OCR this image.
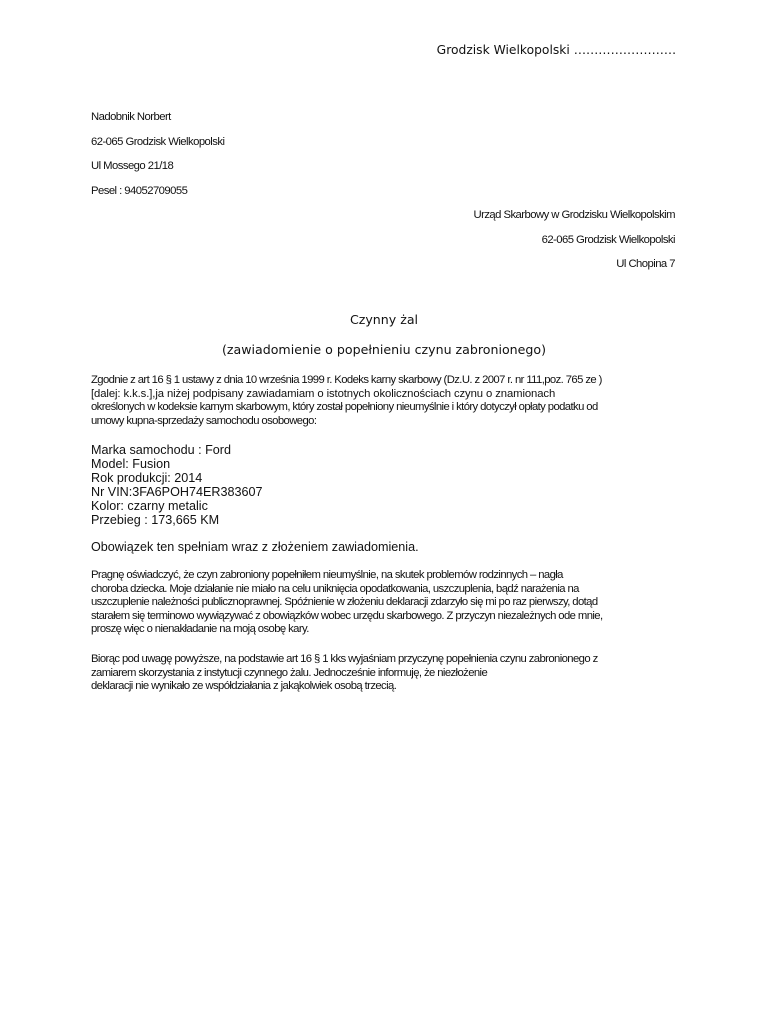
Grodzisk Wielkopolski …………………….
Nadobnik Norbert
62-065 Grodzisk Wielkopolski
Ul Mossego 21/18
Pesel : 94052709055
Urząd Skarbowy w Grodzisku Wielkopolskim
62-065 Grodzisk Wielkopolski
Ul Chopina 7
Czynny żal
(zawiadomienie o popełnieniu czynu zabronionego)
Zgodnie z art 16 § 1 ustawy z dnia 10 września 1999 r. Kodeks karny skarbowy (Dz.U. z 2007 r. nr 111,poz. 765 ze )
[dalej: k.k.s.],ja niżej podpisany zawiadamiam o istotnych okolicznościach czynu o znamionach
określonych w kodeksie karnym skarbowym, który został popełniony nieumyślnie i który dotyczył opłaty podatku od
umowy kupna-sprzedaży samochodu osobowego:
Marka samochodu : Ford
Model: Fusion
Rok produkcji: 2014
Nr VIN:3FA6POH74ER383607
Kolor: czarny metalic
Przebieg : 173,665 KM
Obowiązek ten spełniam wraz z złożeniem zawiadomienia.
Pragnę oświadczyć, że czyn zabroniony popełniłem nieumyślnie, na skutek problemów rodzinnych – nagła
choroba dziecka. Moje działanie nie miało na celu uniknięcia opodatkowania, uszczuplenia, bądź narażenia na
uszczuplenie należności publicznoprawnej. Spóźnienie w złożeniu deklaracji zdarzyło się mi po raz pierwszy, dotąd
starałem się terminowo wywiązywać z obowiązków wobec urzędu skarbowego. Z przyczyn niezależnych ode mnie,
proszę więc o nienakładanie na moją osobę kary.
Biorąc pod uwagę powyższe, na podstawie art 16 § 1 kks wyjaśniam przyczynę popełnienia czynu zabronionego z
zamiarem skorzystania z instytucji czynnego żalu. Jednocześnie informuję, że niezłożenie
deklaracji nie wynikało ze współdziałania z jakąkolwiek osobą trzecią.
